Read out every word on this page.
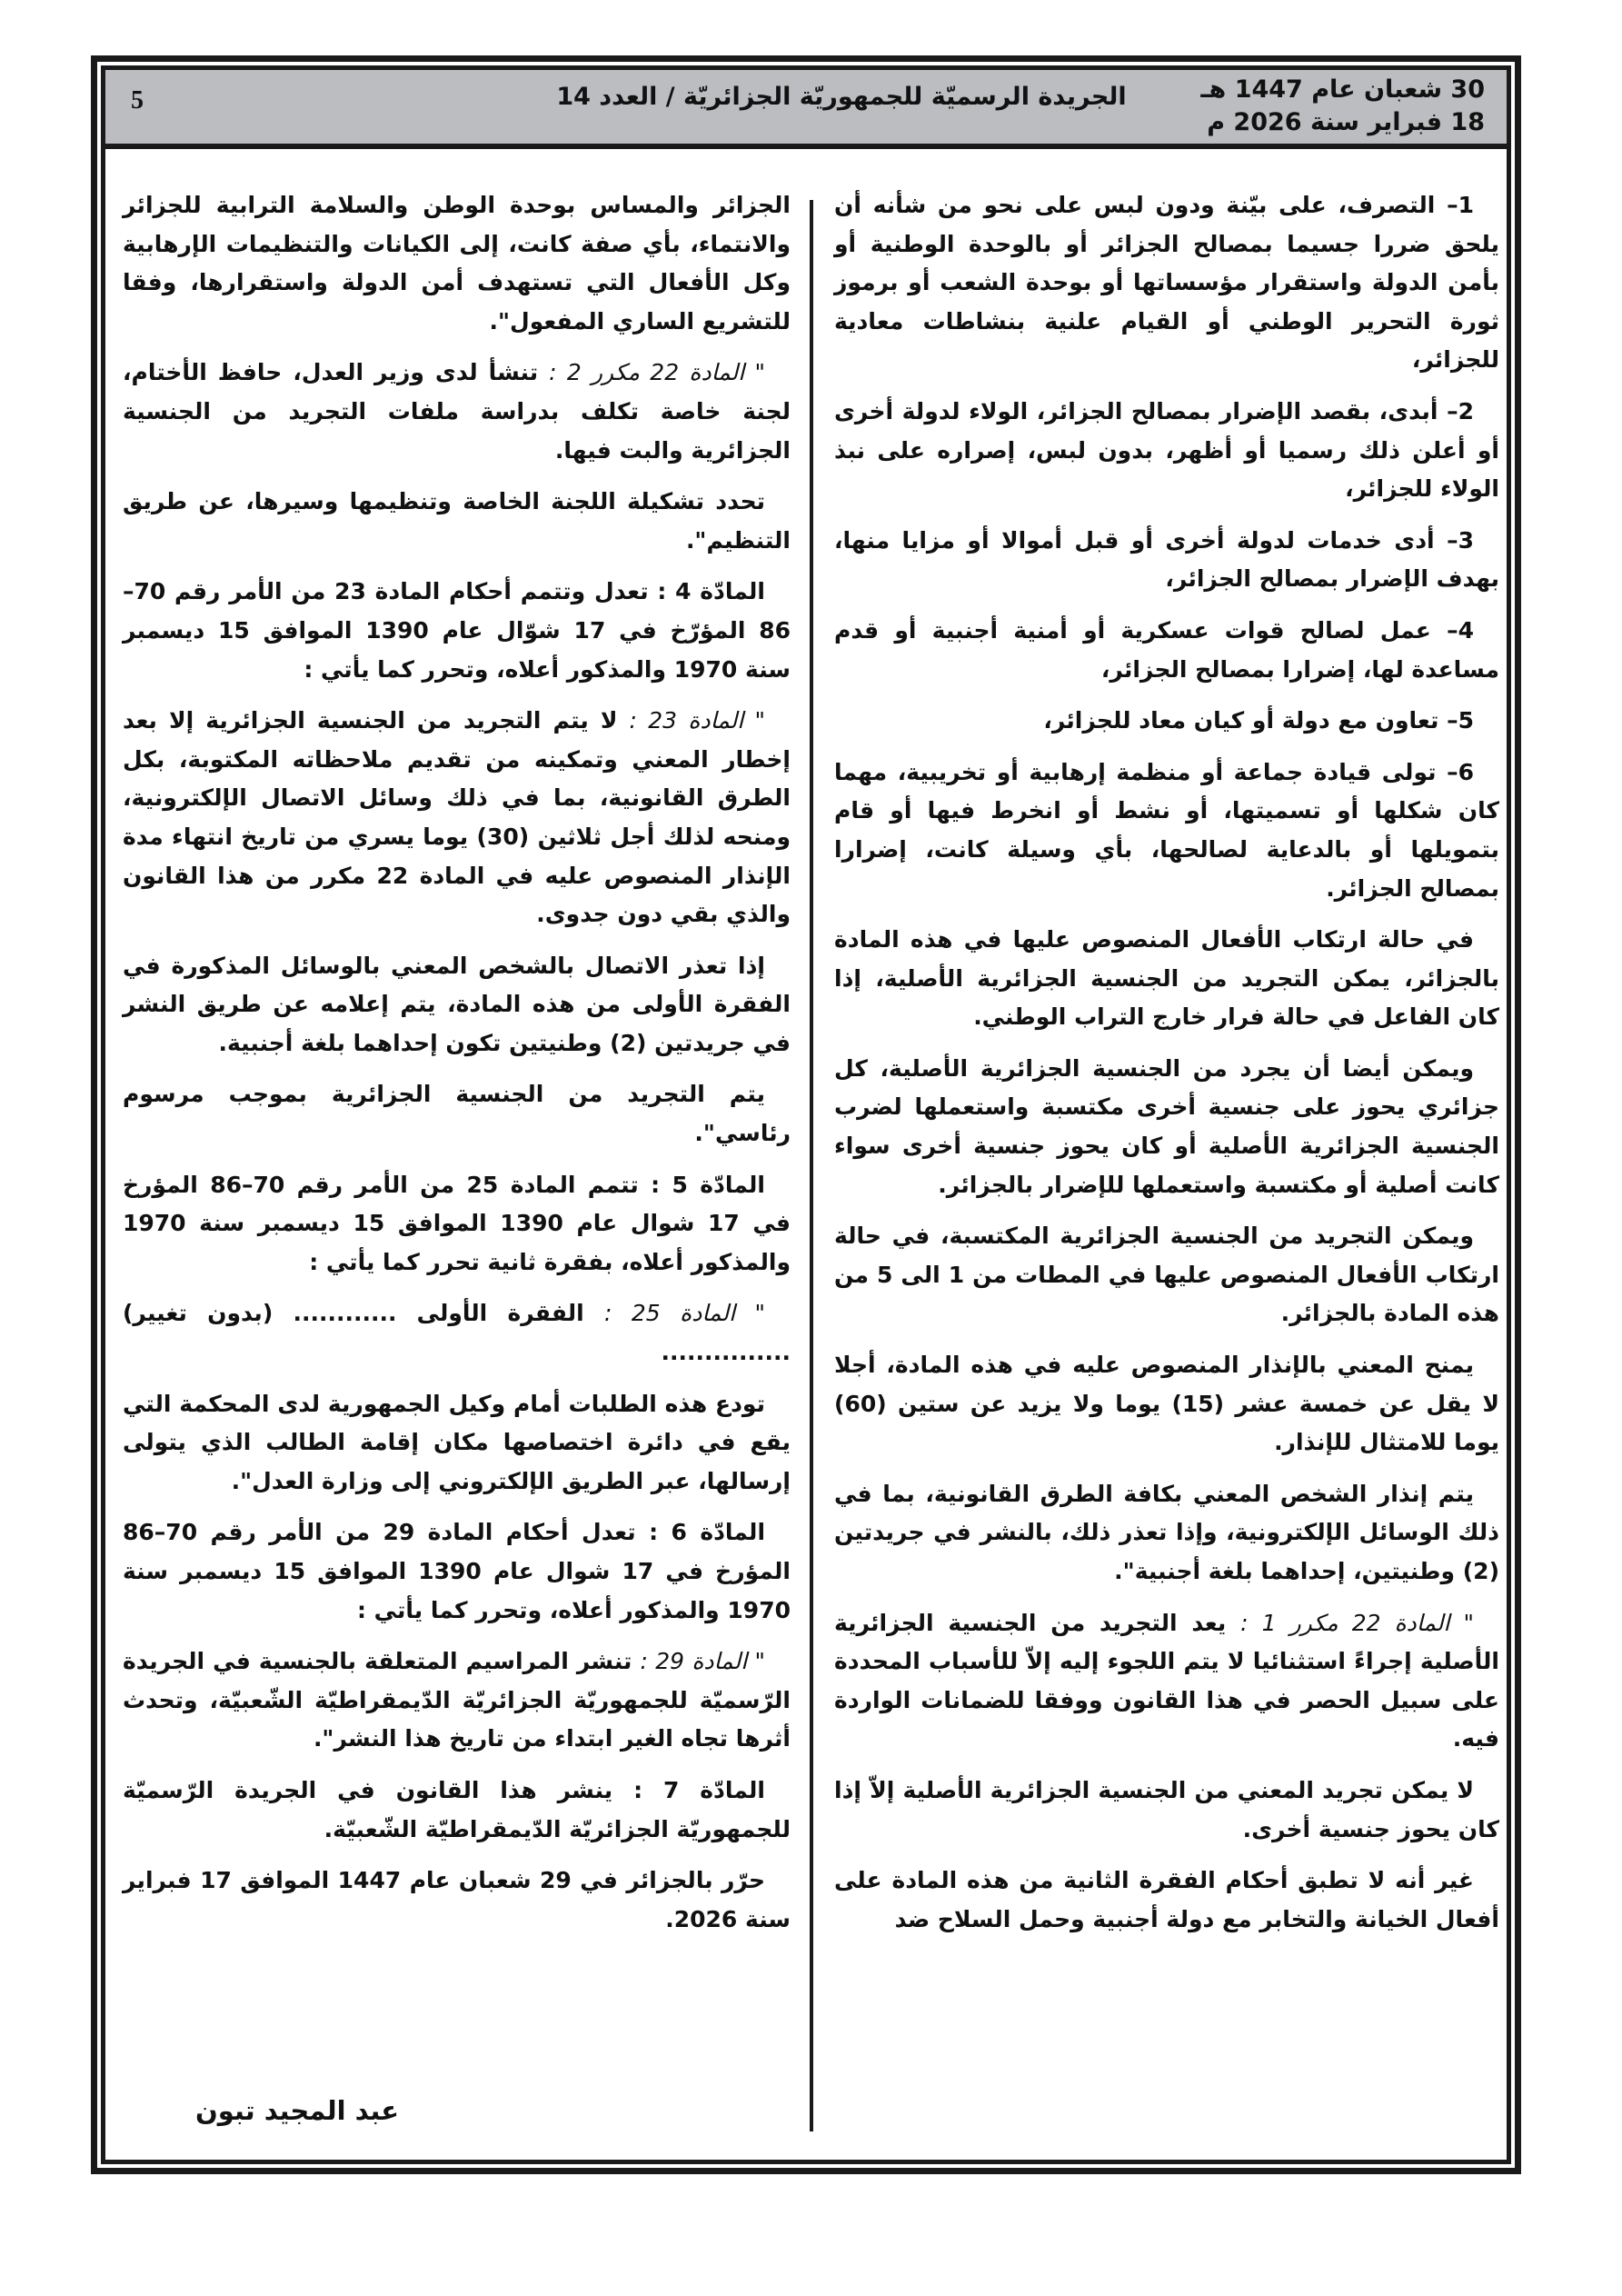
5	الجريدة الرسميّة للجمهوريّة الجزائريّة / العدد 14	30 شعبان عام 1447 هـ
18 فبراير سنة 2026 م

1– التصرف، على بيّنة ودون لبس على نحو من شأنه أن يلحق ضررا جسيما بمصالح الجزائر أو بالوحدة الوطنية أو بأمن الدولة واستقرار مؤسساتها أو بوحدة الشعب أو برموز ثورة التحرير الوطني أو القيام علنية بنشاطات معادية للجزائر،

2– أبدى، بقصد الإضرار بمصالح الجزائر، الولاء لدولة أخرى أو أعلن ذلك رسميا أو أظهر، بدون لبس، إصراره على نبذ الولاء للجزائر،

3– أدى خدمات لدولة أخرى أو قبل أموالا أو مزايا منها، بهدف الإضرار بمصالح الجزائر،

4– عمل لصالح قوات عسكرية أو أمنية أجنبية أو قدم مساعدة لها، إضرارا بمصالح الجزائر،

5– تعاون مع دولة أو كيان معاد للجزائر،

6– تولى قيادة جماعة أو منظمة إرهابية أو تخريبية، مهما كان شكلها أو تسميتها، أو نشط أو انخرط فيها أو قام بتمويلها أو بالدعاية لصالحها، بأي وسيلة كانت، إضرارا بمصالح الجزائر.

في حالة ارتكاب الأفعال المنصوص عليها في هذه المادة بالجزائر، يمكن التجريد من الجنسية الجزائرية الأصلية، إذا كان الفاعل في حالة فرار خارج التراب الوطني.

ويمكن أيضا أن يجرد من الجنسية الجزائرية الأصلية، كل جزائري يحوز على جنسية أخرى مكتسبة واستعملها لضرب الجنسية الجزائرية الأصلية أو كان يحوز جنسية أخرى سواء كانت أصلية أو مكتسبة واستعملها للإضرار بالجزائر.

ويمكن التجريد من الجنسية الجزائرية المكتسبة، في حالة ارتكاب الأفعال المنصوص عليها في المطات من 1 الى 5 من هذه المادة بالجزائر.

يمنح المعني بالإنذار المنصوص عليه في هذه المادة، أجلا لا يقل عن خمسة عشر (15) يوما ولا يزيد عن ستين (60) يوما للامتثال للإنذار.

يتم إنذار الشخص المعني بكافة الطرق القانونية، بما في ذلك الوسائل الإلكترونية، وإذا تعذر ذلك، بالنشر في جريدتين (2) وطنيتين، إحداهما بلغة أجنبية".

" المادة 22 مكرر 1 : يعد التجريد من الجنسية الجزائرية الأصلية إجراءً استثنائيا لا يتم اللجوء إليه إلاّ للأسباب المحددة على سبيل الحصر في هذا القانون ووفقا للضمانات الواردة فيه.

لا يمكن تجريد المعني من الجنسية الجزائرية الأصلية إلاّ إذا كان يحوز جنسية أخرى.

غير أنه لا تطبق أحكام الفقرة الثانية من هذه المادة على أفعال الخيانة والتخابر مع دولة أجنبية وحمل السلاح ضد

الجزائر والمساس بوحدة الوطن والسلامة الترابية للجزائر والانتماء، بأي صفة كانت، إلى الكيانات والتنظيمات الإرهابية وكل الأفعال التي تستهدف أمن الدولة واستقرارها، وفقا للتشريع الساري المفعول".

" المادة 22 مكرر 2 : تنشأ لدى وزير العدل، حافظ الأختام، لجنة خاصة تكلف بدراسة ملفات التجريد من الجنسية الجزائرية والبت فيها.

تحدد تشكيلة اللجنة الخاصة وتنظيمها وسيرها، عن طريق التنظيم".

المادّة 4 : تعدل وتتمم أحكام المادة 23 من الأمر رقم 70–86 المؤرّخ في 17 شوّال عام 1390 الموافق 15 ديسمبر سنة 1970 والمذكور أعلاه، وتحرر كما يأتي :

" المادة 23 : لا يتم التجريد من الجنسية الجزائرية إلا بعد إخطار المعني وتمكينه من تقديم ملاحظاته المكتوبة، بكل الطرق القانونية، بما في ذلك وسائل الاتصال الإلكترونية، ومنحه لذلك أجل ثلاثين (30) يوما يسري من تاريخ انتهاء مدة الإنذار المنصوص عليه في المادة 22 مكرر من هذا القانون والذي بقي دون جدوى.

إذا تعذر الاتصال بالشخص المعني بالوسائل المذكورة في الفقرة الأولى من هذه المادة، يتم إعلامه عن طريق النشر في جريدتين (2) وطنيتين تكون إحداهما بلغة أجنبية.

يتم التجريد من الجنسية الجزائرية بموجب مرسوم رئاسي".

المادّة 5 : تتمم المادة 25 من الأمر رقم 70–86 المؤرخ في 17 شوال عام 1390 الموافق 15 ديسمبر سنة 1970 والمذكور أعلاه، بفقرة ثانية تحرر كما يأتي :

" المادة 25 : الفقرة الأولى ............ (بدون تغيير) ...............

تودع هذه الطلبات أمام وكيل الجمهورية لدى المحكمة التي يقع في دائرة اختصاصها مكان إقامة الطالب الذي يتولى إرسالها، عبر الطريق الإلكتروني إلى وزارة العدل".

المادّة 6 : تعدل أحكام المادة 29 من الأمر رقم 70–86 المؤرخ في 17 شوال عام 1390 الموافق 15 ديسمبر سنة 1970 والمذكور أعلاه، وتحرر كما يأتي :

" المادة 29 : تنشر المراسيم المتعلقة بالجنسية في الجريدة الرّسميّة للجمهوريّة الجزائريّة الدّيمقراطيّة الشّعبيّة، وتحدث أثرها تجاه الغير ابتداء من تاريخ هذا النشر".

المادّة 7 : ينشر هذا القانون في الجريدة الرّسميّة للجمهوريّة الجزائريّة الدّيمقراطيّة الشّعبيّة.

حرّر بالجزائر في 29 شعبان عام 1447 الموافق 17 فبراير سنة 2026.

عبد المجيد تبون
